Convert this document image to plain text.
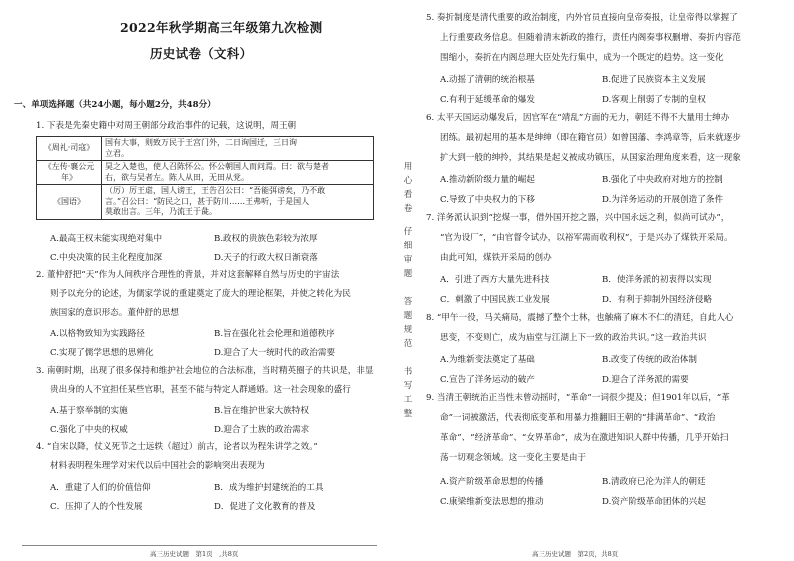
2022年秋学期高三年级第九次检测
历史试卷（文科）
一、单项选择题（共24小题，每小题2分，共48分）
1. 下表是先秦史籍中对周王朝部分政治事件的记载，这说明，周王朝
《周礼·司寇》	国有大事，则致万民于王宫门外，二日询国迁，三日询
立君。

《左传·襄公元年》	昊之入楚也，使人召陈怀公。怀公朝国人而问焉。曰：欲与楚者
右，欲与吴者左。陈人从田，无田从党。

《国语》	（厉）厉王虐，国人谤王，王告召公曰：“吾能弭谤矣，乃不敢
言。”召公曰：“防民之口，甚于防川……王弗听，于是国人
莫敢出言。三年，乃流王于彘。
A.最高王权未能实现绝对集中	B.政权的贵族色彩较为浓厚
C.中央决策的民主化程度加深	D.天子的行政大权日渐衰落
2. 董仲舒把“天”作为人间秩序合理性的背景，并对这套解释自然与历史的宇宙法
则予以充分的论述，为儒家学说的重建奠定了庞大的理论框架，并使之转化为民
族国家的意识形态。董仲舒的思想
A.以格物致知为实践路径	B.旨在强化社会伦理和道德秩序
C.实现了儒学思想的思辨化	D.迎合了大一统时代的政治需要
3. 南朝时期，出现了很多保持和维护社会地位的合法标准，当时精英圈子的共识是，非显
贵出身的人不宜担任某些官职，甚至不能与特定人群通婚。这一社会现象的盛行
A.基于察举制的实施	B.旨在维护世家大族特权
C.强化了中央的权威	D.迎合了士族的政治需求
4. “自宋以降，仗义死节之士远轶（超过）前古，论者以为程朱讲学之效。”
材料表明程朱理学对宋代以后中国社会的影响突出表现为
A．重建了人们的价值信仰	B．成为维护封建统治的工具
C．压抑了人的个性发展	D．促进了文化教育的普及
高三历史试题　第1页　,共8页
用
心
看
卷
仔
细
审
题
答
题
规
范
书
写
工
整
5. 奏折制度是清代重要的政治制度，内外官员直接向皇帝奏报，让皇帝得以掌握了
上行重要政务信息。但随着清末新政的推行，责任内阁奏事权删增、奏折内容范
围缩小，奏折在内阁总理大臣处先行集中，成为一个既定的趋势。这一变化
A.动摇了清朝的统治根基	B.促进了民族资本主义发展
C.有利于延缓革命的爆发	D.客观上削弱了专制的皇权
6. 太平天国运动爆发后，因官军在“靖乱”方面的无力，朝廷不得不大量用士绅办
团练。最初起用的基本是绅绅（即在籍官员）如曾国藩、李鸿章等，后来就逐步
扩大到一般的绅拎，其结果是起义被成功镇压，从国家治理角度来看，这一现象
A.推动新阶级力量的崛起	B.强化了中央政府对地方的控制
C.导致了中央权力的下移	D.为洋务运动的开展创造了条件
7. 洋务派认识到“挖煤一事，借外国开挖之器，兴中国永远之利，似尚可试办”，
“官为设厂”，“由官督令试办，以裕军需而收利权”，于是兴办了煤铁开采局。
由此可知，煤铁开采局的创办
A．引进了西方大量先进科技	B．使洋务派的初衷得以实现
C．刺激了中国民族工业发展	D．有利于抑制外国经济侵略
8. “甲午一役，马关痛局，震撼了整个士林，也触痛了麻木不仁的清廷，自此人心
思变，不变则亡，成为庙堂与江湖上下一致的政治共识。”这一政治共识
A.为维新变法奠定了基础	B.改变了传统的政治体制
C.宣告了洋务运动的破产	D.迎合了洋务派的需要
9. 当清王朝统治正当性未曾动摇时，“革命”一词很少提及；但1901年以后，“革
命”一词被激活，代表彻底变革和用暴力推翻旧王朝的“排满革命”、“政治
革命”、“经济革命”、“女界革命”，成为在激进知识人群中传播，几乎开始扫
荡一切观念领域。这一变化主要是由于
A.资产阶级革命思想的传播	B.清政府已沦为洋人的朝廷
C.康梁维新变法思想的推动	D.资产阶级革命团体的兴起
高三历史试题　第2页，共8页
